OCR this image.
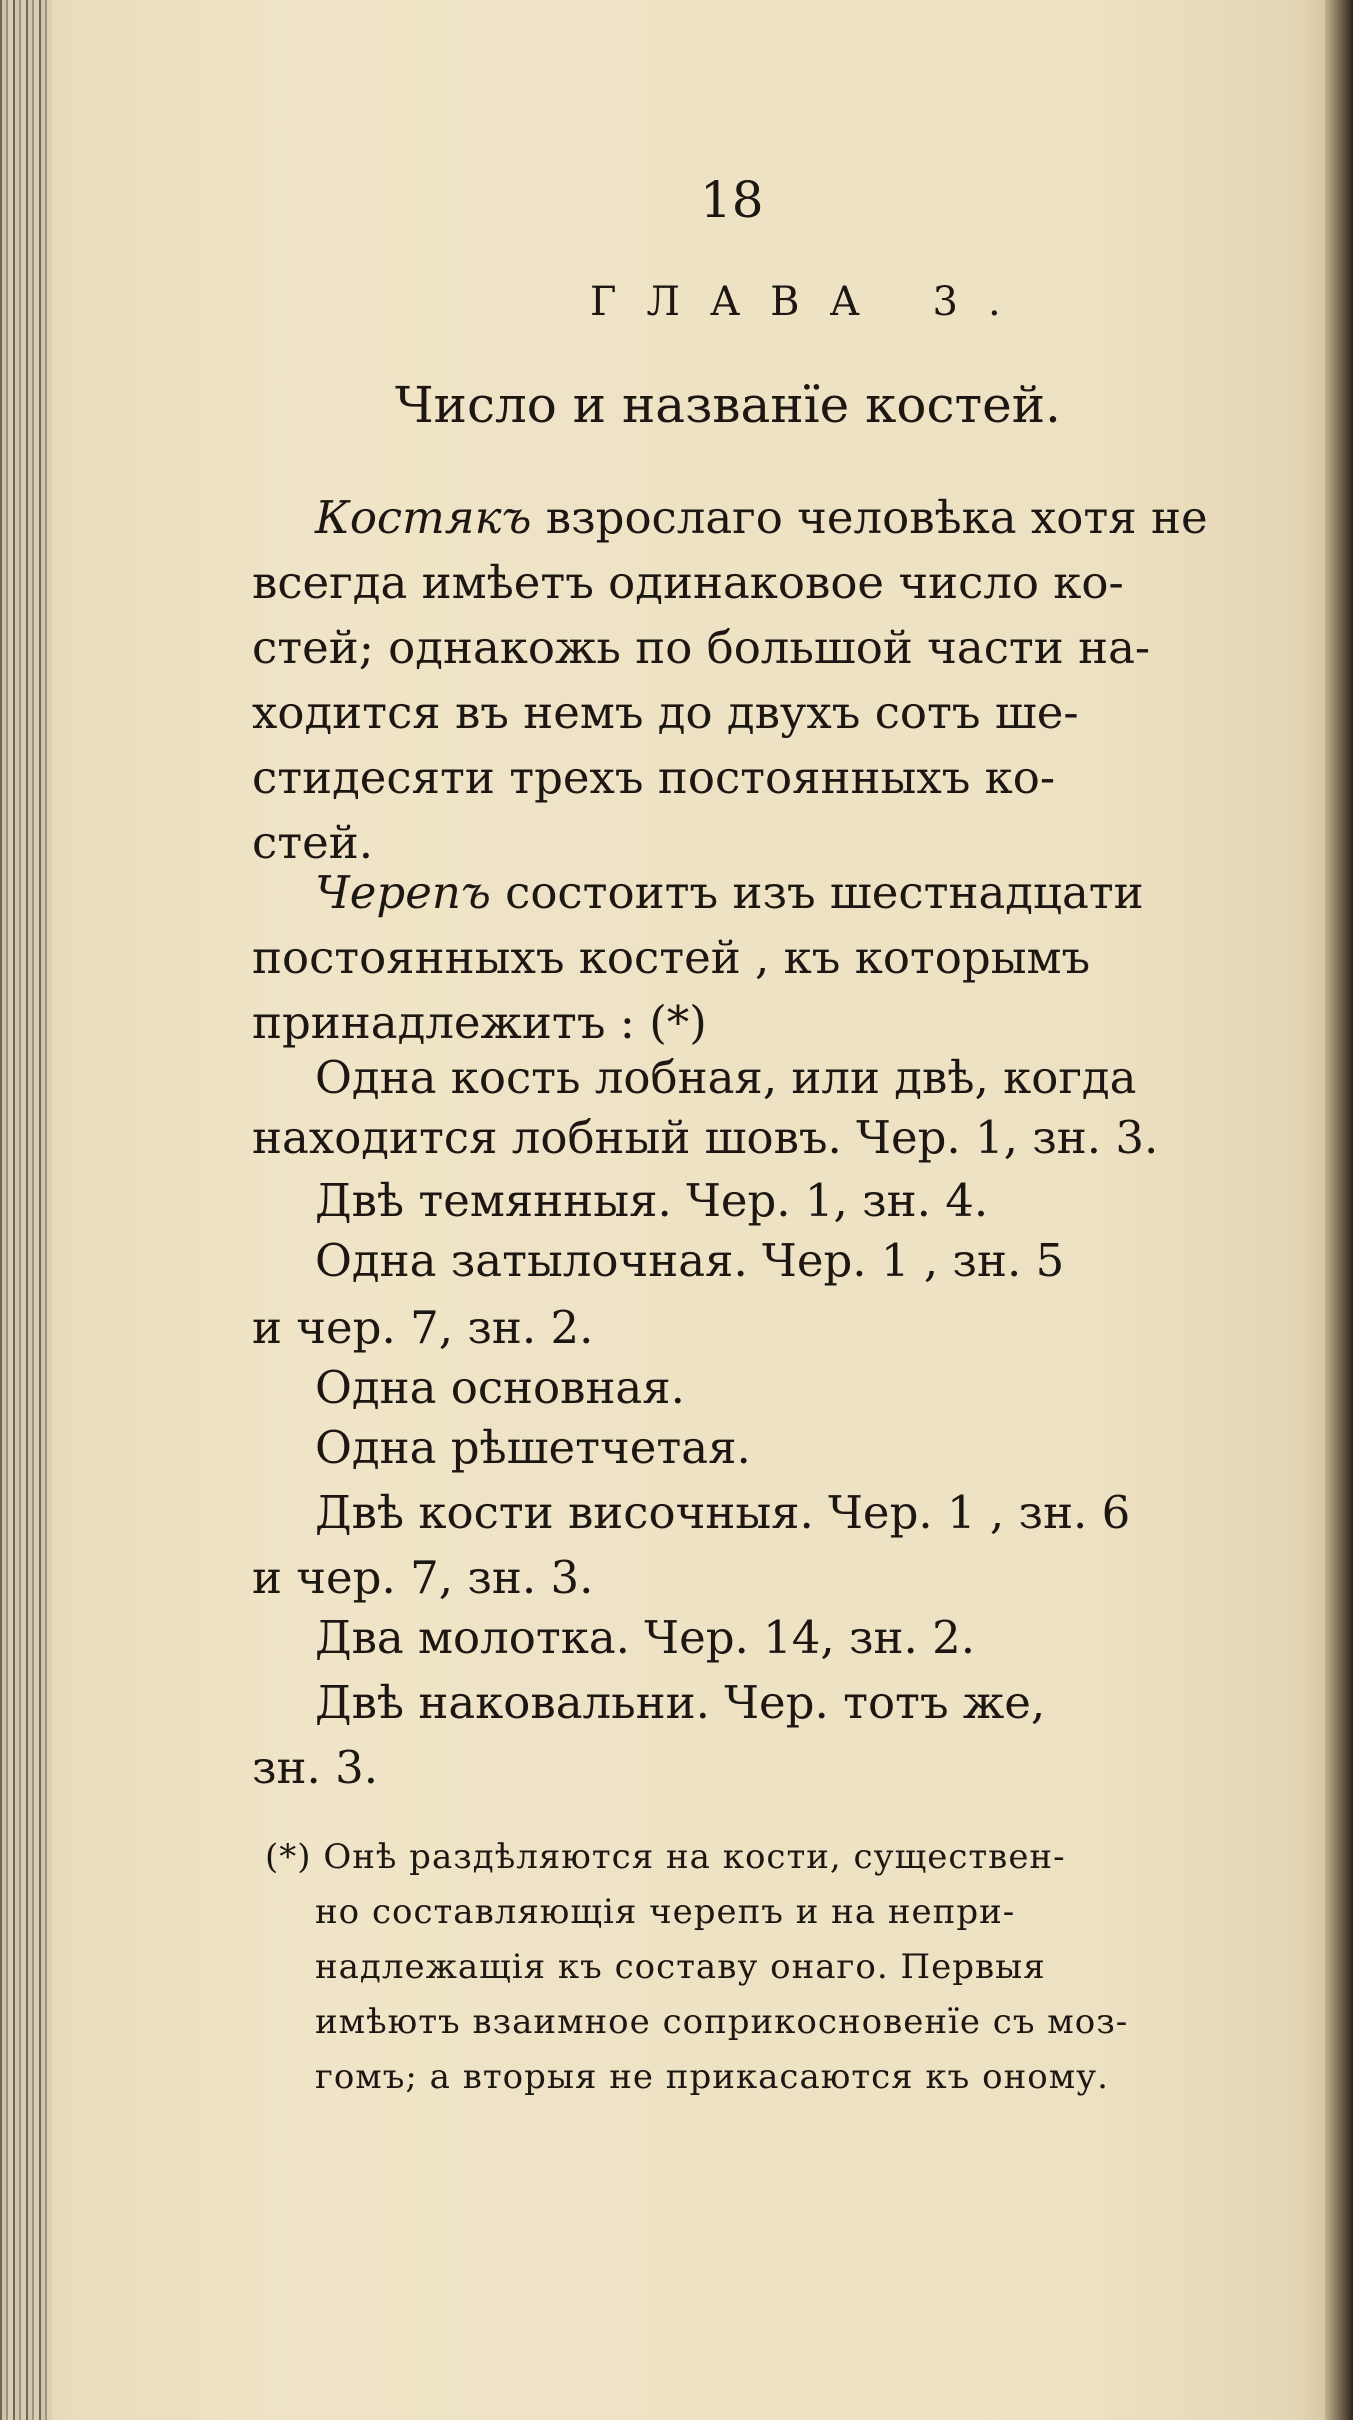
18
ГЛАВА 3.
Число и названїе костей.
Костякъ взрослаго человѣка хотя не
всегда имѣетъ одинаковое число ко-
стей; однакожь по большой части на-
ходится въ немъ до двухъ сотъ ше-
стидесяти трехъ постоянныхъ ко-
стей.
Черепъ состоитъ изъ шестнадцати
постоянныхъ костей , къ которымъ
принадлежитъ : (*)
Одна кость лобная, или двѣ, когда
находится лобный шовъ. Чер. 1, зн. 3.
Двѣ темянныя. Чер. 1, зн. 4.
Одна затылочная. Чер. 1 , зн. 5
и чер. 7, зн. 2.
Одна основная.
Одна рѣшетчетая.
Двѣ кости височныя. Чер. 1 , зн. 6
и чер. 7, зн. 3.
Два молотка. Чер. 14, зн. 2.
Двѣ наковальни. Чер. тотъ же,
зн. 3.
(*) Онѣ раздѣляются на кости, существен-
но составляющія черепъ и на непри-
надлежащія къ составу онаго. Первыя
имѣютъ взаимное соприкосновенїе съ моз-
гомъ; а вторыя не прикасаются къ оному.
